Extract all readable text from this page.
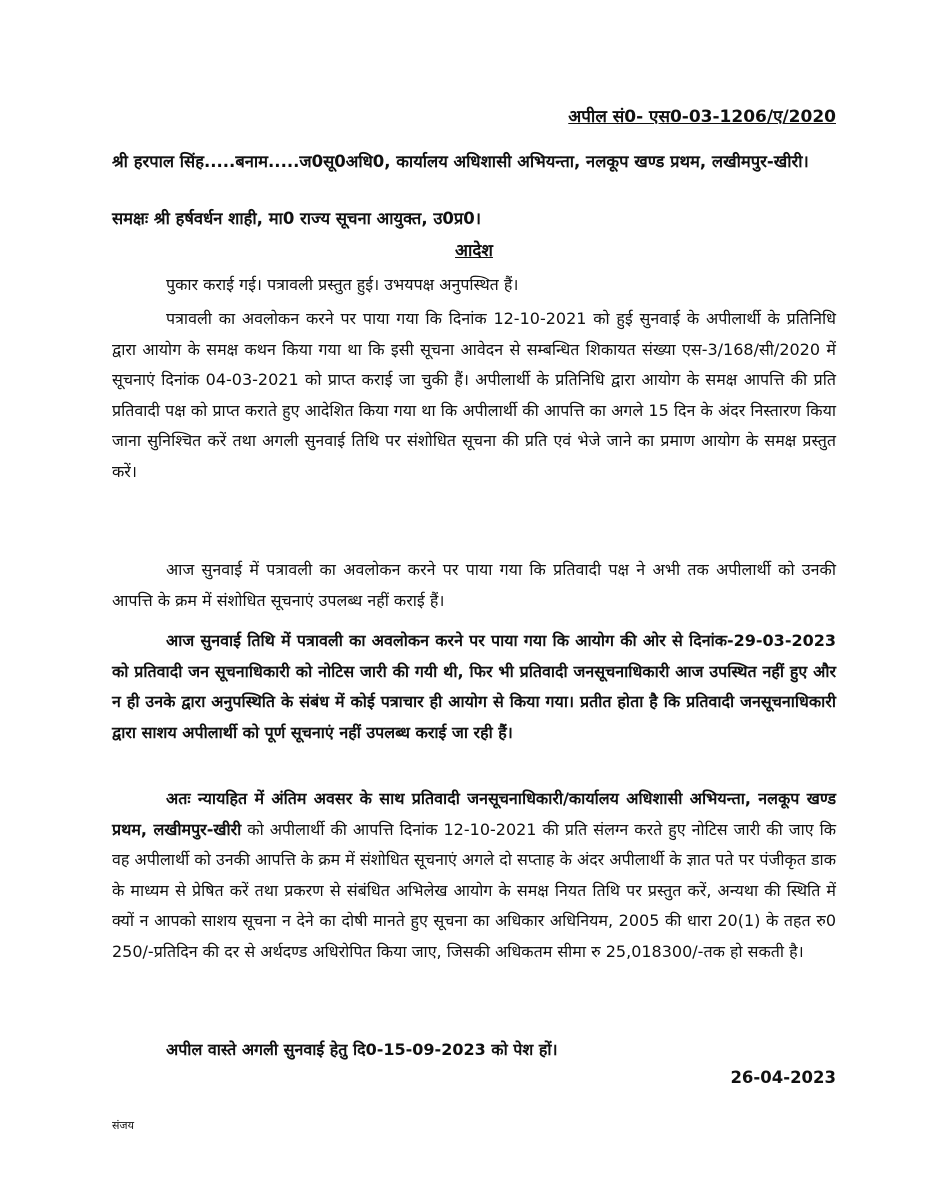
अपील सं0- एस0-03-1206/ए/2020
श्री हरपाल सिंह.....बनाम.....ज0सू0अधि0, कार्यालय अधिशासी अभियन्ता, नलकूप खण्ड प्रथम, लखीमपुर-खीरी।
समक्षः श्री हर्षवर्धन शाही, मा0 राज्य सूचना आयुक्त, उ0प्र0।
आदेश

पुकार कराई गई। पत्रावली प्रस्तुत हुई। उभयपक्ष अनुपस्थित हैं।

पत्रावली का अवलोकन करने पर पाया गया कि दिनांक 12-10-2021 को हुई सुनवाई के अपीलार्थी के प्रतिनिधि द्वारा आयोग के समक्ष कथन किया गया था कि इसी सूचना आवेदन से सम्बन्धित शिकायत संख्या एस-3/168/सी/2020 में सूचनाएं दिनांक 04-03-2021 को प्राप्त कराई जा चुकी हैं। अपीलार्थी के प्रतिनिधि द्वारा आयोग के समक्ष आपत्ति की प्रति प्रतिवादी पक्ष को प्राप्त कराते हुए आदेशित किया गया था कि अपीलार्थी की आपत्ति का अगले 15 दिन के अंदर निस्तारण किया जाना सुनिश्चित करें तथा अगली सुनवाई तिथि पर संशोधित सूचना की प्रति एवं भेजे जाने का प्रमाण आयोग के समक्ष प्रस्तुत करें।

आज सुनवाई में पत्रावली का अवलोकन करने पर पाया गया कि प्रतिवादी पक्ष ने अभी तक अपीलार्थी को उनकी आपत्ति के क्रम में संशोधित सूचनाएं उपलब्ध नहीं कराई हैं।

आज सुनवाई तिथि में पत्रावली का अवलोकन करने पर पाया गया कि आयोग की ओर से दिनांक-29-03-2023 को प्रतिवादी जन सूचनाधिकारी को नोटिस जारी की गयी थी, फिर भी प्रतिवादी जनसूचनाधिकारी आज उपस्थित नहीं हुए और न ही उनके द्वारा अनुपस्थिति के संबंध में कोई पत्राचार ही आयोग से किया गया। प्रतीत होता है कि प्रतिवादी जनसूचनाधिकारी द्वारा साशय अपीलार्थी को पूर्ण सूचनाएं नहीं उपलब्ध कराई जा रही हैं।

अतः न्यायहित में अंतिम अवसर के साथ प्रतिवादी जनसूचनाधिकारी/कार्यालय अधिशासी अभियन्ता, नलकूप खण्ड प्रथम, लखीमपुर-खीरी को अपीलार्थी की आपत्ति दिनांक 12-10-2021 की प्रति संलग्न करते हुए नोटिस जारी की जाए कि वह अपीलार्थी को उनकी आपत्ति के क्रम में संशोधित सूचनाएं अगले दो सप्ताह के अंदर अपीलार्थी के ज्ञात पते पर पंजीकृत डाक के माध्यम से प्रेषित करें तथा प्रकरण से संबंधित अभिलेख आयोग के समक्ष नियत तिथि पर प्रस्तुत करें, अन्यथा की स्थिति में क्यों न आपको साशय सूचना न देने का दोषी मानते हुए सूचना का अधिकार अधिनियम, 2005 की धारा 20(1) के तहत रु0 250/-प्रतिदिन की दर से अर्थदण्ड अधिरोपित किया जाए, जिसकी अधिकतम सीमा रु 25,018300/-तक हो सकती है।

अपील वास्ते अगली सुनवाई हेतु दि0-15-09-2023 को पेश हों।

26-04-2023
संजय
